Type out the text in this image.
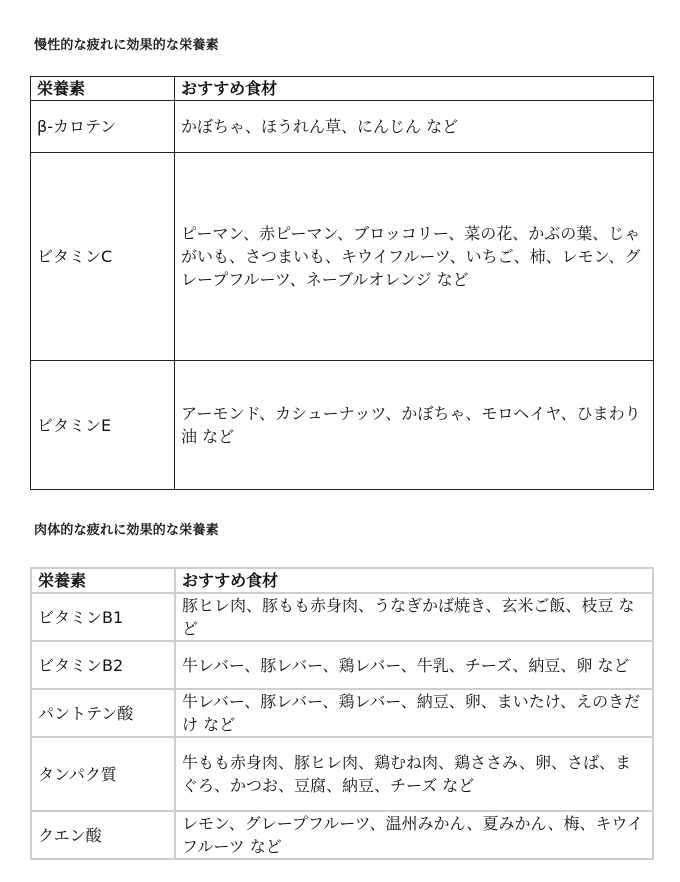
慢性的な疲れに効果的な栄養素
栄養素	おすすめ食材
β-カロテン	かぼちゃ、ほうれん草、にんじん など
ビタミンC	ピーマン、赤ピーマン、ブロッコリー、菜の花、かぶの葉、じゃがいも、さつまいも、キウイフルーツ、いちご、柿、レモン、グレープフルーツ、ネーブルオレンジ など
ビタミンE	アーモンド、カシューナッツ、かぼちゃ、モロヘイヤ、ひまわり油 など
肉体的な疲れに効果的な栄養素
栄養素	おすすめ食材
ビタミンB1	豚ヒレ肉、豚もも赤身肉、うなぎかば焼き、玄米ご飯、枝豆 など
ビタミンB2	牛レバー、豚レバー、鶏レバー、牛乳、チーズ、納豆、卵 など
パントテン酸	牛レバー、豚レバー、鶏レバー、納豆、卵、まいたけ、えのきだけ など
タンパク質	牛もも赤身肉、豚ヒレ肉、鶏むね肉、鶏ささみ、卵、さば、まぐろ、かつお、豆腐、納豆、チーズ など
クエン酸	レモン、グレープフルーツ、温州みかん、夏みかん、梅、キウイフルーツ など
